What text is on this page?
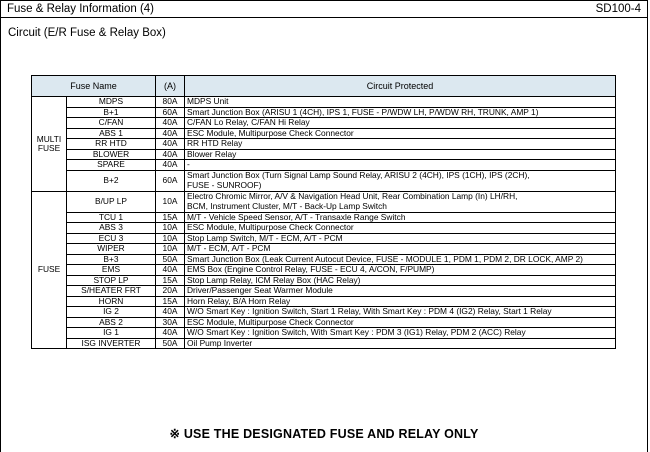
Fuse & Relay Information (4)	SD100-4
Circuit (E/R Fuse & Relay Box)
Fuse Name		(A)	Circuit Protected
MULTI
FUSE	MDPS	80A	MDPS Unit
	B+1	60A	Smart Junction Box (ARISU 1 (4CH), IPS 1, FUSE - P/WDW LH, P/WDW RH, TRUNK, AMP 1)
	C/FAN	40A	C/FAN Lo Relay, C/FAN Hi Relay
	ABS 1	40A	ESC Module, Multipurpose Check Connector
	RR HTD	40A	RR HTD Relay
	BLOWER	40A	Blower Relay
	SPARE	40A	-
	B+2	60A	Smart Junction Box (Turn Signal Lamp Sound Relay, ARISU 2 (4CH), IPS (1CH), IPS (2CH),
FUSE - SUNROOF)
FUSE	B/UP LP	10A	Electro Chromic Mirror, A/V & Navigation Head Unit, Rear Combination Lamp (In) LH/RH,
BCM, Instrument Cluster, M/T - Back-Up Lamp Switch
	TCU 1	15A	M/T - Vehicle Speed Sensor, A/T - Transaxle Range Switch
	ABS 3	10A	ESC Module, Multipurpose Check Connector
	ECU 3	10A	Stop Lamp Switch, M/T - ECM, A/T - PCM
	WIPER	10A	M/T - ECM, A/T - PCM
	B+3	50A	Smart Junction Box (Leak Current Autocut Device, FUSE - MODULE 1, PDM 1, PDM 2, DR LOCK, AMP 2)
	EMS	40A	EMS Box (Engine Control Relay, FUSE - ECU 4, A/CON, F/PUMP)
	STOP LP	15A	Stop Lamp Relay, ICM Relay Box (HAC Relay)
	S/HEATER FRT	20A	Driver/Passenger Seat Warmer Module
	HORN	15A	Horn Relay, B/A Horn Relay
	IG 2	40A	W/O Smart Key : Ignition Switch, Start 1 Relay, With Smart Key : PDM 4 (IG2) Relay, Start 1 Relay
	ABS 2	30A	ESC Module, Multipurpose Check Connector
	IG 1	40A	W/O Smart Key : Ignition Switch, With Smart Key : PDM 3 (IG1) Relay, PDM 2 (ACC) Relay
	ISG INVERTER	50A	Oil Pump Inverter
※ USE THE DESIGNATED FUSE AND RELAY ONLY
